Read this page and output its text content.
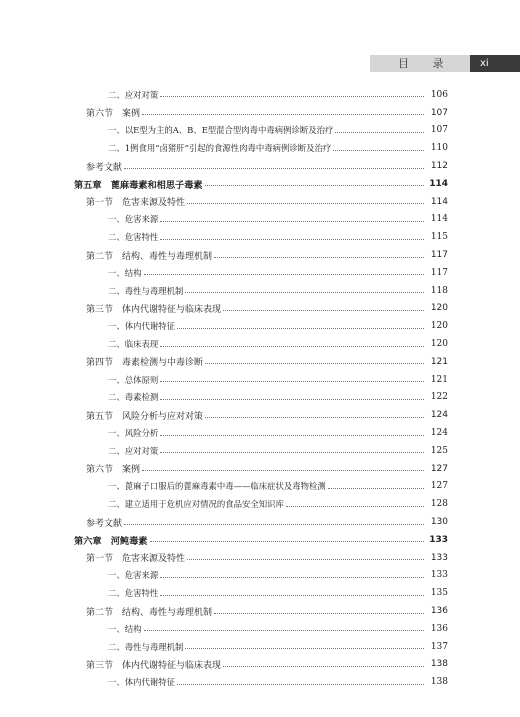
目 录	xi
二、应对对策	106
第六节　案例	107
一、以E型为主的A、B、E型混合型肉毒中毒病例诊断及治疗	107
二、1例食用“卤猪肝”引起的食源性肉毒中毒病例诊断及治疗	110
参考文献	112
第五章　蓖麻毒素和相思子毒素	114
第一节　危害来源及特性	114
一、危害来源	114
二、危害特性	115
第二节　结构、毒性与毒理机制	117
一、结构	117
二、毒性与毒理机制	118
第三节　体内代谢特征与临床表现	120
一、体内代谢特征	120
二、临床表现	120
第四节　毒素检测与中毒诊断	121
一、总体原则	121
二、毒素检测	122
第五节　风险分析与应对对策	124
一、风险分析	124
二、应对对策	125
第六节　案例	127
一、蓖麻子口服后的蓖麻毒素中毒——临床症状及毒物检测	127
二、建立适用于危机应对情况的食品安全知识库	128
参考文献	130
第六章　河鲀毒素	133
第一节　危害来源及特性	133
一、危害来源	133
二、危害特性	135
第二节　结构、毒性与毒理机制	136
一、结构	136
二、毒性与毒理机制	137
第三节　体内代谢特征与临床表现	138
一、体内代谢特征	138
